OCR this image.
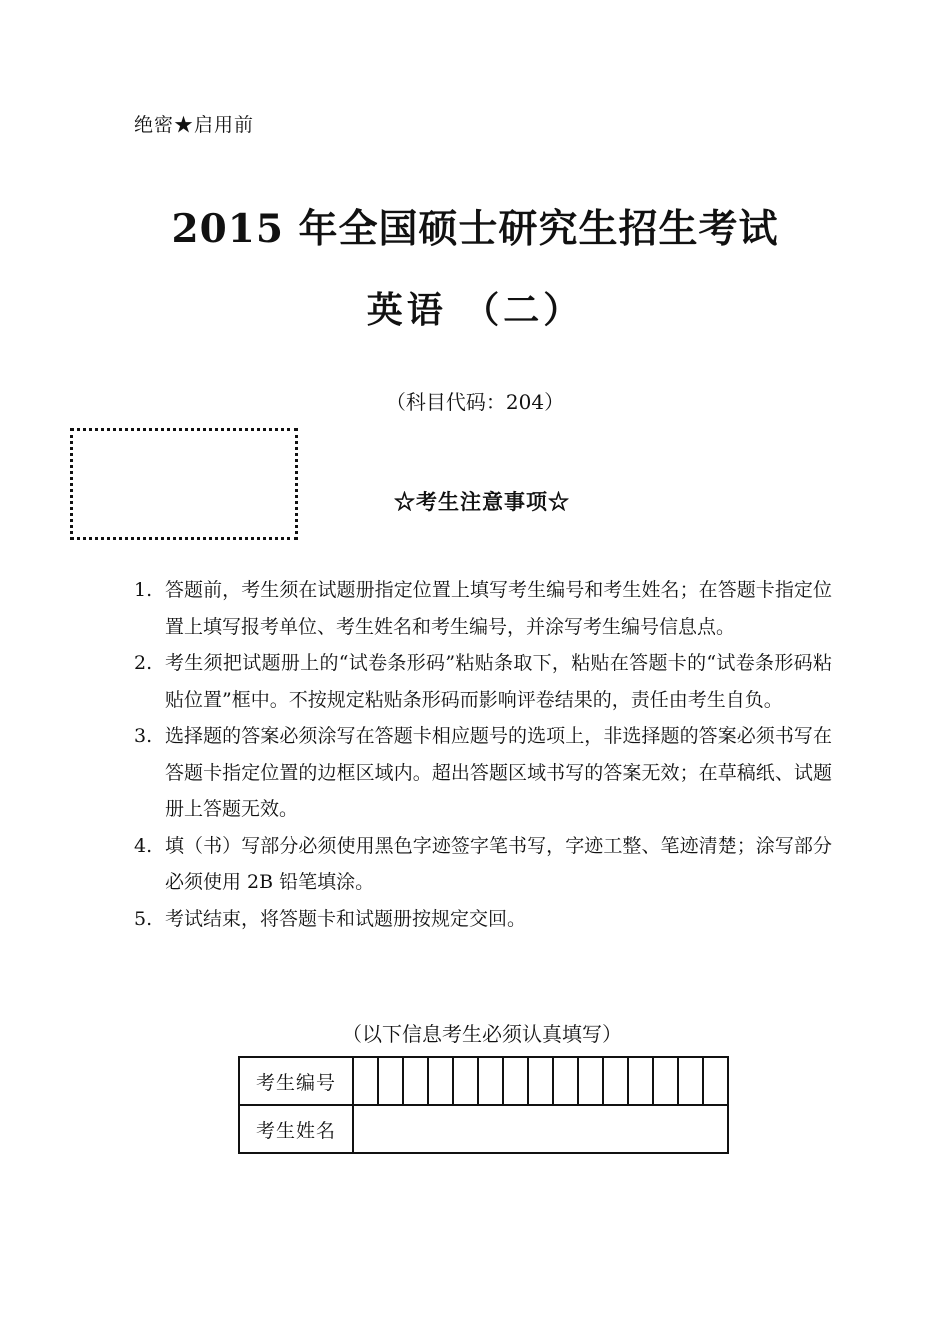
绝密★启用前
2015 年全国硕士研究生招生考试
英语 （二）
（科目代码：204）
☆考生注意事项☆
1. 答题前，考生须在试题册指定位置上填写考生编号和考生姓名；在答题卡指定位置上填写报考单位、考生姓名和考生编号，并涂写考生编号信息点。
2. 考生须把试题册上的“试卷条形码”粘贴条取下，粘贴在答题卡的“试卷条形码粘贴位置”框中。不按规定粘贴条形码而影响评卷结果的，责任由考生自负。
3. 选择题的答案必须涂写在答题卡相应题号的选项上，非选择题的答案必须书写在答题卡指定位置的边框区域内。超出答题区域书写的答案无效；在草稿纸、试题册上答题无效。
4. 填（书）写部分必须使用黑色字迹签字笔书写，字迹工整、笔迹清楚；涂写部分必须使用 2B 铅笔填涂。
5. 考试结束，将答题卡和试题册按规定交回。
（以下信息考生必须认真填写）
考生编号															
考生姓名															
